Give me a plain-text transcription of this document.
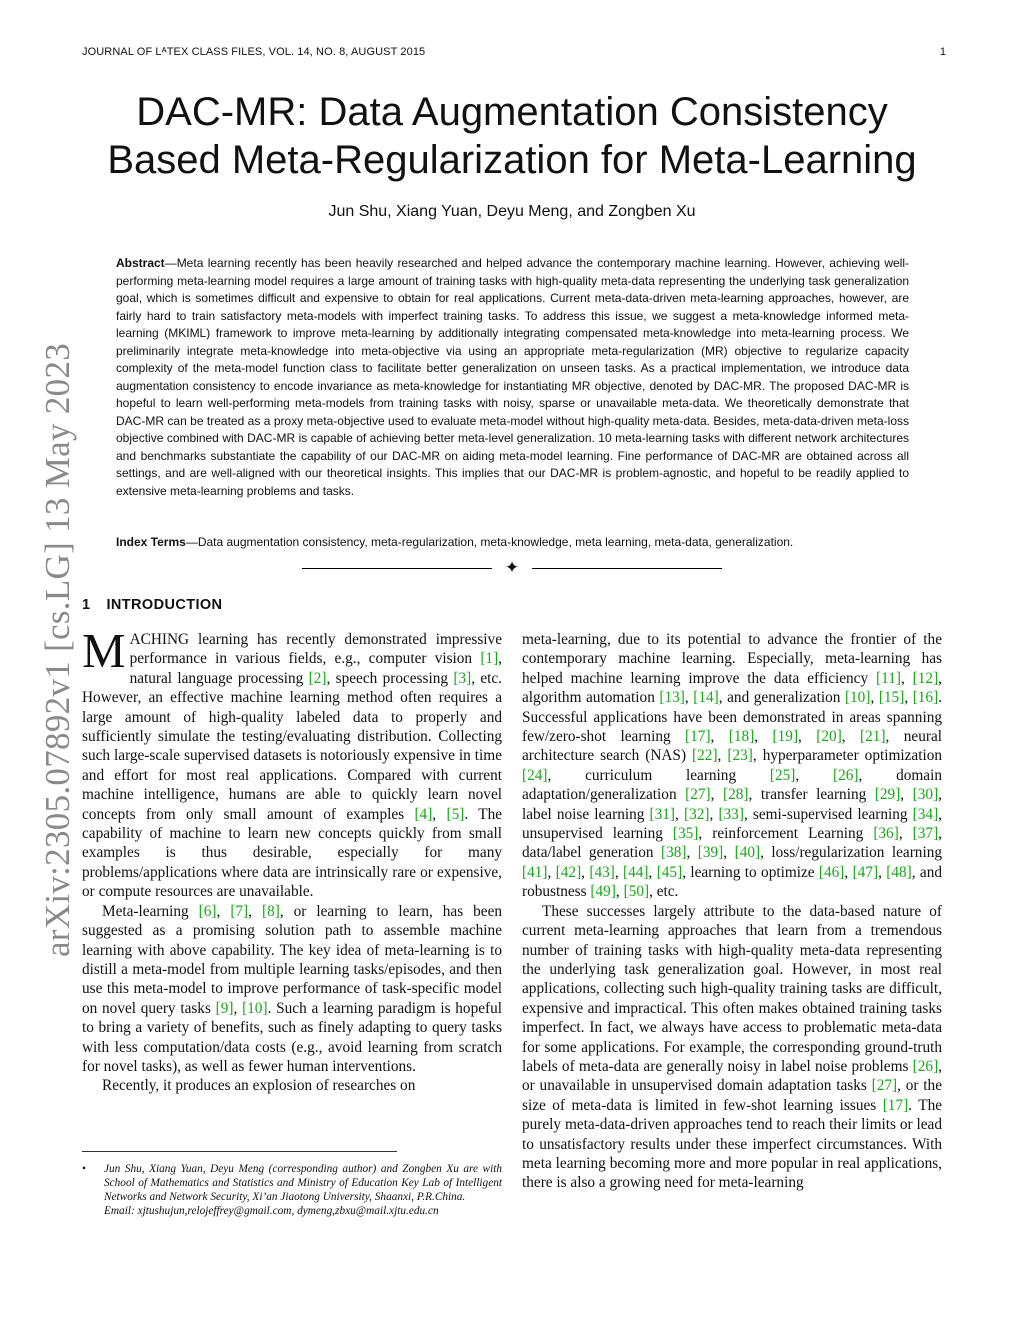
JOURNAL OF LᴬTEX CLASS FILES, VOL. 14, NO. 8, AUGUST 2015	1
arXiv:2305.07892v1 [cs.LG] 13 May 2023
DAC-MR: Data Augmentation Consistency Based Meta-Regularization for Meta-Learning
Jun Shu, Xiang Yuan, Deyu Meng, and Zongben Xu

Abstract—Meta learning recently has been heavily researched and helped advance the contemporary machine learning. However, achieving well-performing meta-learning model requires a large amount of training tasks with high-quality meta-data representing the underlying task generalization goal, which is sometimes difficult and expensive to obtain for real applications. Current meta-data-driven meta-learning approaches, however, are fairly hard to train satisfactory meta-models with imperfect training tasks. To address this issue, we suggest a meta-knowledge informed meta-learning (MKIML) framework to improve meta-learning by additionally integrating compensated meta-knowledge into meta-learning process. We preliminarily integrate meta-knowledge into meta-objective via using an appropriate meta-regularization (MR) objective to regularize capacity complexity of the meta-model function class to facilitate better generalization on unseen tasks. As a practical implementation, we introduce data augmentation consistency to encode invariance as meta-knowledge for instantiating MR objective, denoted by DAC-MR. The proposed DAC-MR is hopeful to learn well-performing meta-models from training tasks with noisy, sparse or unavailable meta-data. We theoretically demonstrate that DAC-MR can be treated as a proxy meta-objective used to evaluate meta-model without high-quality meta-data. Besides, meta-data-driven meta-loss objective combined with DAC-MR is capable of achieving better meta-level generalization. 10 meta-learning tasks with different network architectures and benchmarks substantiate the capability of our DAC-MR on aiding meta-model learning. Fine performance of DAC-MR are obtained across all settings, and are well-aligned with our theoretical insights. This implies that our DAC-MR is problem-agnostic, and hopeful to be readily applied to extensive meta-learning problems and tasks.

Index Terms—Data augmentation consistency, meta-regularization, meta-knowledge, meta learning, meta-data, generalization.

✦
1 INTRODUCTION

MACHING learning has recently demonstrated impressive performance in various fields, e.g., computer vision [1], natural language processing [2], speech processing [3], etc. However, an effective machine learning method often requires a large amount of high-quality labeled data to properly and sufficiently simulate the testing/evaluating distribution. Collecting such large-scale supervised datasets is notoriously expensive in time and effort for most real applications. Compared with current machine intelligence, humans are able to quickly learn novel concepts from only small amount of examples [4], [5]. The capability of machine to learn new concepts quickly from small examples is thus desirable, especially for many problems/applications where data are intrinsically rare or expensive, or compute resources are unavailable.

Meta-learning [6], [7], [8], or learning to learn, has been suggested as a promising solution path to assemble machine learning with above capability. The key idea of meta-learning is to distill a meta-model from multiple learning tasks/episodes, and then use this meta-model to improve performance of task-specific model on novel query tasks [9], [10]. Such a learning paradigm is hopeful to bring a variety of benefits, such as finely adapting to query tasks with less computation/data costs (e.g., avoid learning from scratch for novel tasks), as well as fewer human interventions.

Recently, it produces an explosion of researches on

• Jun Shu, Xiang Yuan, Deyu Meng (corresponding author) and Zongben Xu are with School of Mathematics and Statistics and Ministry of Education Key Lab of Intelligent Networks and Network Security, Xi’an Jiaotong University, Shaanxi, P.R.China.
Email: xjtushujun,relojeffrey@gmail.com, dymeng,zbxu@mail.xjtu.edu.cn

meta-learning, due to its potential to advance the frontier of the contemporary machine learning. Especially, meta-learning has helped machine learning improve the data efficiency [11], [12], algorithm automation [13], [14], and generalization [10], [15], [16]. Successful applications have been demonstrated in areas spanning few/zero-shot learning [17], [18], [19], [20], [21], neural architecture search (NAS) [22], [23], hyperparameter optimization [24], curriculum learning [25], [26], domain adaptation/generalization [27], [28], transfer learning [29], [30], label noise learning [31], [32], [33], semi-supervised learning [34], unsupervised learning [35], reinforcement Learning [36], [37], data/label generation [38], [39], [40], loss/regularization learning [41], [42], [43], [44], [45], learning to optimize [46], [47], [48], and robustness [49], [50], etc.

These successes largely attribute to the data-based nature of current meta-learning approaches that learn from a tremendous number of training tasks with high-quality meta-data representing the underlying task generalization goal. However, in most real applications, collecting such high-quality training tasks are difficult, expensive and impractical. This often makes obtained training tasks imperfect. In fact, we always have access to problematic meta-data for some applications. For example, the corresponding ground-truth labels of meta-data are generally noisy in label noise problems [26], or unavailable in unsupervised domain adaptation tasks [27], or the size of meta-data is limited in few-shot learning issues [17]. The purely meta-data-driven approaches tend to reach their limits or lead to unsatisfactory results under these imperfect circumstances. With meta learning becoming more and more popular in real applications, there is also a growing need for meta-learning
